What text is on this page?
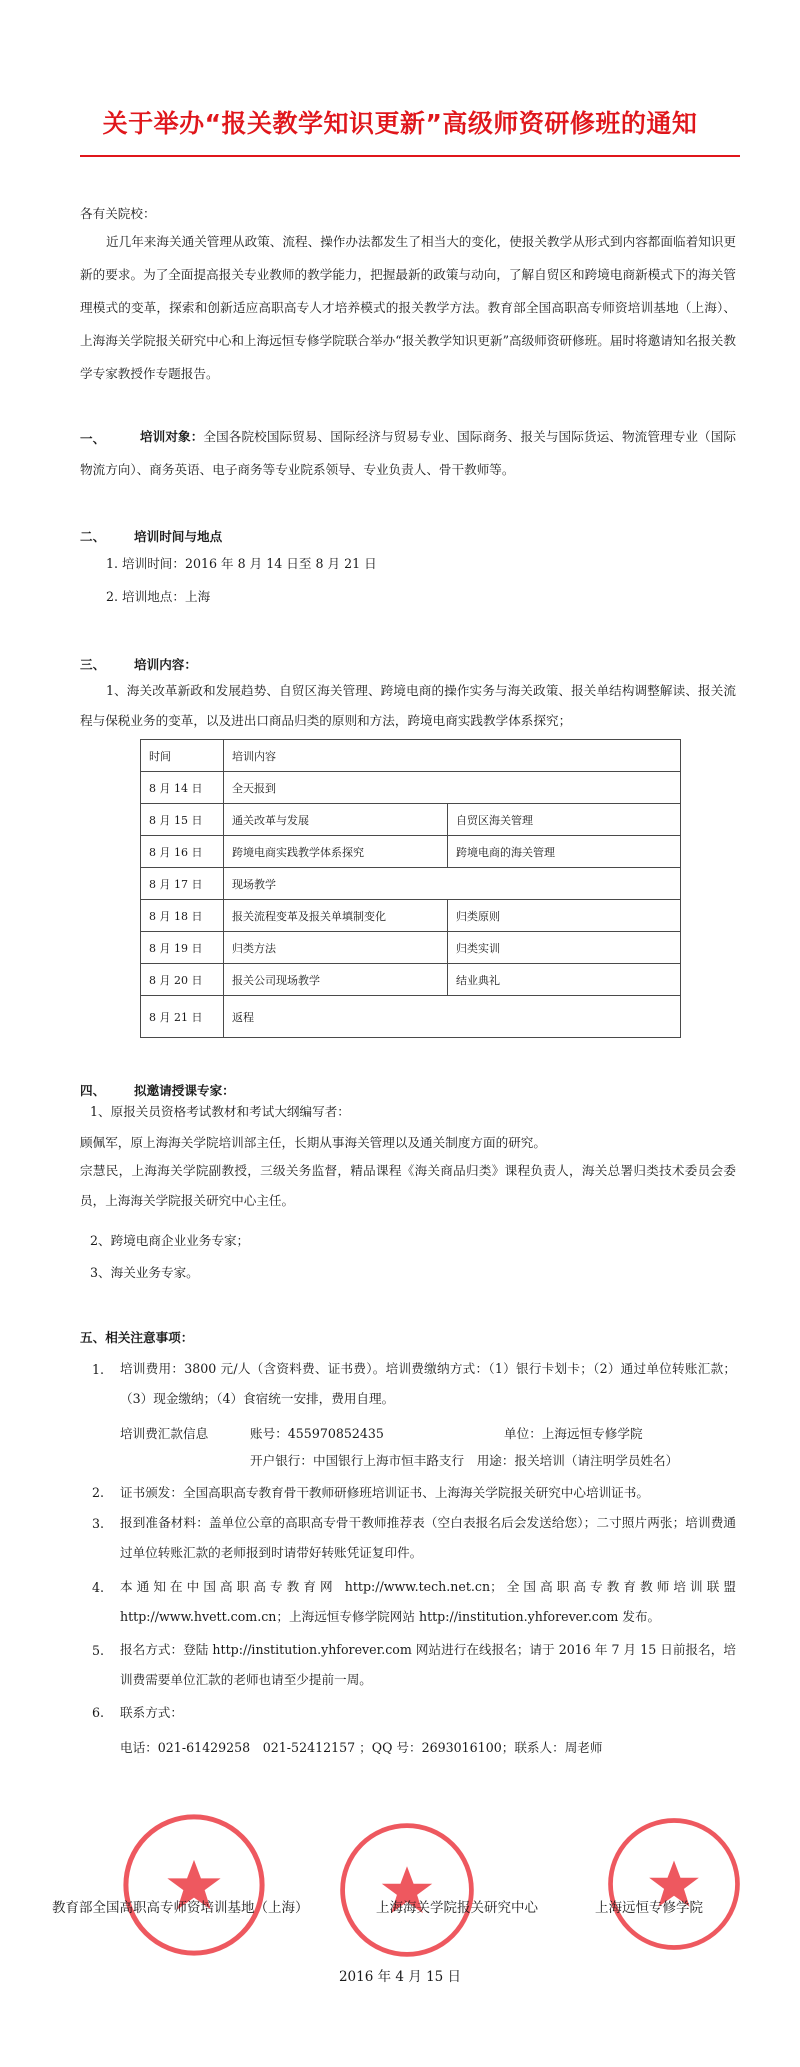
关于举办“报关教学知识更新”高级师资研修班的通知
各有关院校：
近几年来海关通关管理从政策、流程、操作办法都发生了相当大的变化，使报关教学从形式到内容都面临着知识更新的要求。为了全面提高报关专业教师的教学能力，把握最新的政策与动向，了解自贸区和跨境电商新模式下的海关管理模式的变革，探索和创新适应高职高专人才培养模式的报关教学方法。教育部全国高职高专师资培训基地（上海）、上海海关学院报关研究中心和上海远恒专修学院联合举办“报关教学知识更新”高级师资研修班。届时将邀请知名报关教学专家教授作专题报告。
一、	培训对象：全国各院校国际贸易、国际经济与贸易专业、国际商务、报关与国际货运、物流管理专业（国际物流方向）、商务英语、电子商务等专业院系领导、专业负责人、骨干教师等。
二、 培训时间与地点
1. 培训时间：2016 年 8 月 14 日至 8 月 21 日
2. 培训地点：上海
三、 培训内容：
1、海关改革新政和发展趋势、自贸区海关管理、跨境电商的操作实务与海关政策、报关单结构调整解读、报关流程与保税业务的变革，以及进出口商品归类的原则和方法，跨境电商实践教学体系探究；
时间	培训内容	
8 月 14 日	全天报到	
8 月 15 日	通关改革与发展	自贸区海关管理
8 月 16 日	跨境电商实践教学体系探究	跨境电商的海关管理
8 月 17 日	现场教学	
8 月 18 日	报关流程变革及报关单填制变化	归类原则
8 月 19 日	归类方法	归类实训
8 月 20 日	报关公司现场教学	结业典礼
8 月 21 日	返程	
四、 拟邀请授课专家：
1、原报关员资格考试教材和考试大纲编写者：
顾佩军，原上海海关学院培训部主任，长期从事海关管理以及通关制度方面的研究。
宗慧民，上海海关学院副教授，三级关务监督，精品课程《海关商品归类》课程负责人，海关总署归类技术委员会委员，上海海关学院报关研究中心主任。
2、跨境电商企业业务专家；
3、海关业务专家。
五、相关注意事项：
1. 培训费用：3800 元/人（含资料费、证书费）。培训费缴纳方式：（1）银行卡划卡；（2）通过单位转账汇款；（3）现金缴纳；（4）食宿统一安排，费用自理。
培训费汇款信息	账号：455970852435	单位：上海远恒专修学院
开户银行：中国银行上海市恒丰路支行　用途：报关培训（请注明学员姓名）
2. 证书颁发：全国高职高专教育骨干教师研修班培训证书、上海海关学院报关研究中心培训证书。
3. 报到准备材料：盖单位公章的高职高专骨干教师推荐表（空白表报名后会发送给您）；二寸照片两张；培训费通过单位转账汇款的老师报到时请带好转账凭证复印件。
4. 本通知在中国高职高专教育网 http://www.tech.net.cn；全国高职高专教育教师培训联盟 http://www.hvett.com.cn；上海远恒专修学院网站 http://institution.yhforever.com 发布。
5. 报名方式：登陆 http://institution.yhforever.com 网站进行在线报名；请于 2016 年 7 月 15 日前报名，培训费需要单位汇款的老师也请至少提前一周。
6. 联系方式：
电话：021-61429258　021-52412157 ；QQ 号：2693016100；联系人：周老师
教育部全国高职高专师资培训基地（上海）	上海海关学院报关研究中心	上海远恒专修学院
2016 年 4 月 15 日
